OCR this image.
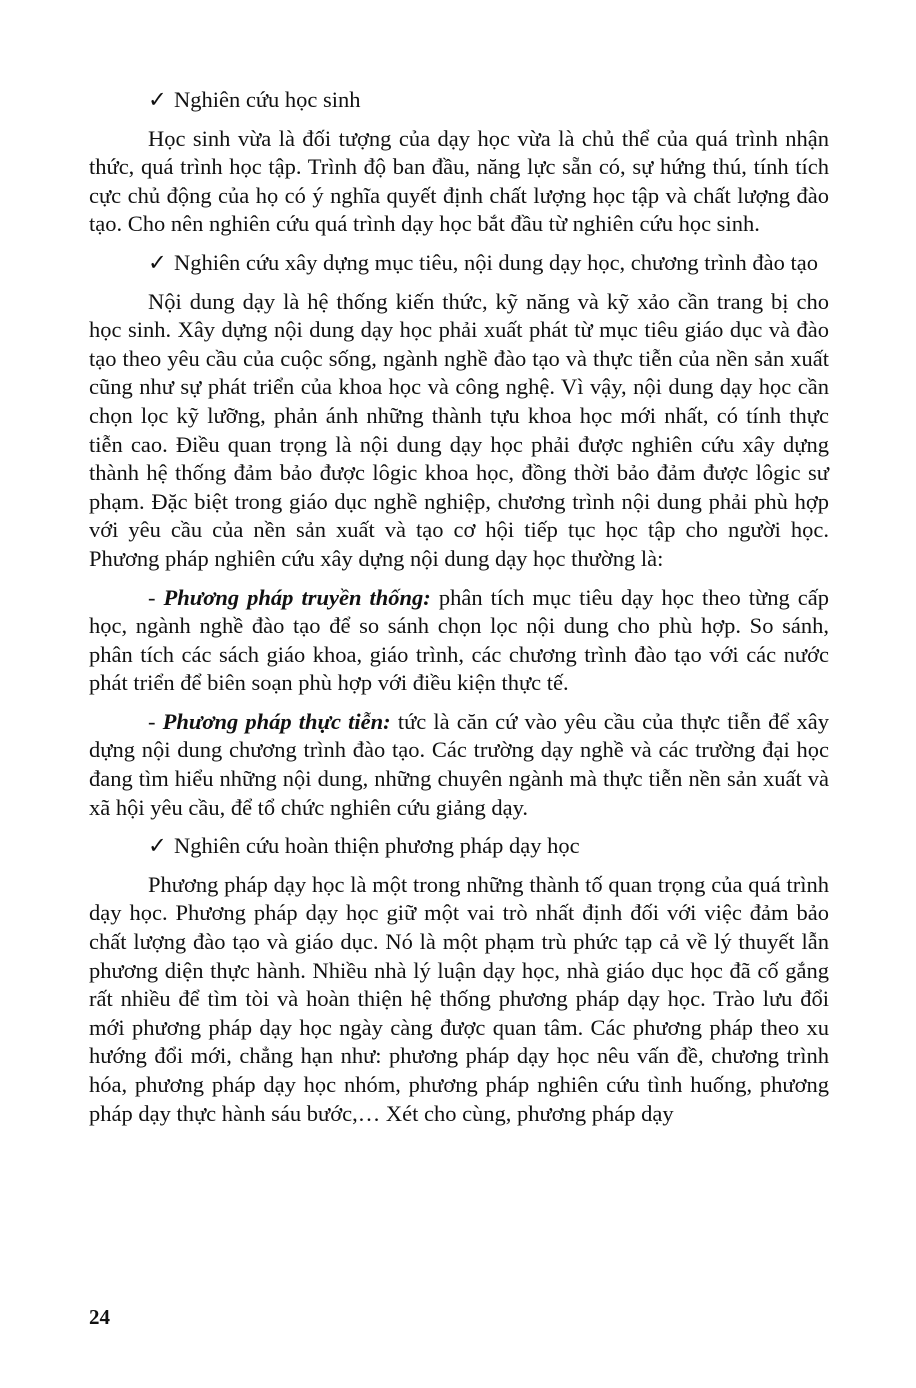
✓ Nghiên cứu học sinh

Học sinh vừa là đối tượng của dạy học vừa là chủ thể của quá trình nhận thức, quá trình học tập. Trình độ ban đầu, năng lực sẵn có, sự hứng thú, tính tích cực chủ động của họ có ý nghĩa quyết định chất lượng học tập và chất lượng đào tạo. Cho nên nghiên cứu quá trình dạy học bắt đầu từ nghiên cứu học sinh.

✓ Nghiên cứu xây dựng mục tiêu, nội dung dạy học, chương trình đào tạo

Nội dung dạy là hệ thống kiến thức, kỹ năng và kỹ xảo cần trang bị cho học sinh. Xây dựng nội dung dạy học phải xuất phát từ mục tiêu giáo dục và đào tạo theo yêu cầu của cuộc sống, ngành nghề đào tạo và thực tiễn của nền sản xuất cũng như sự phát triển của khoa học và công nghệ. Vì vậy, nội dung dạy học cần chọn lọc kỹ lưỡng, phản ánh những thành tựu khoa học mới nhất, có tính thực tiễn cao. Điều quan trọng là nội dung dạy học phải được nghiên cứu xây dựng thành hệ thống đảm bảo được lôgic khoa học, đồng thời bảo đảm được lôgic sư phạm. Đặc biệt trong giáo dục nghề nghiệp, chương trình nội dung phải phù hợp với yêu cầu của nền sản xuất và tạo cơ hội tiếp tục học tập cho người học. Phương pháp nghiên cứu xây dựng nội dung dạy học thường là:

- Phương pháp truyền thống: phân tích mục tiêu dạy học theo từng cấp học, ngành nghề đào tạo để so sánh chọn lọc nội dung cho phù hợp. So sánh, phân tích các sách giáo khoa, giáo trình, các chương trình đào tạo với các nước phát triển để biên soạn phù hợp với điều kiện thực tế.

- Phương pháp thực tiễn: tức là căn cứ vào yêu cầu của thực tiễn để xây dựng nội dung chương trình đào tạo. Các trường dạy nghề và các trường đại học đang tìm hiểu những nội dung, những chuyên ngành mà thực tiễn nền sản xuất và xã hội yêu cầu, để tổ chức nghiên cứu giảng dạy.

✓ Nghiên cứu hoàn thiện phương pháp dạy học

Phương pháp dạy học là một trong những thành tố quan trọng của quá trình dạy học. Phương pháp dạy học giữ một vai trò nhất định đối với việc đảm bảo chất lượng đào tạo và giáo dục. Nó là một phạm trù phức tạp cả về lý thuyết lẫn phương diện thực hành. Nhiều nhà lý luận dạy học, nhà giáo dục học đã cố gắng rất nhiều để tìm tòi và hoàn thiện hệ thống phương pháp dạy học. Trào lưu đổi mới phương pháp dạy học ngày càng được quan tâm. Các phương pháp theo xu hướng đổi mới, chẳng hạn như: phương pháp dạy học nêu vấn đề, chương trình hóa, phương pháp dạy học nhóm, phương pháp nghiên cứu tình huống, phương pháp dạy thực hành sáu bước,… Xét cho cùng, phương pháp dạy

24
